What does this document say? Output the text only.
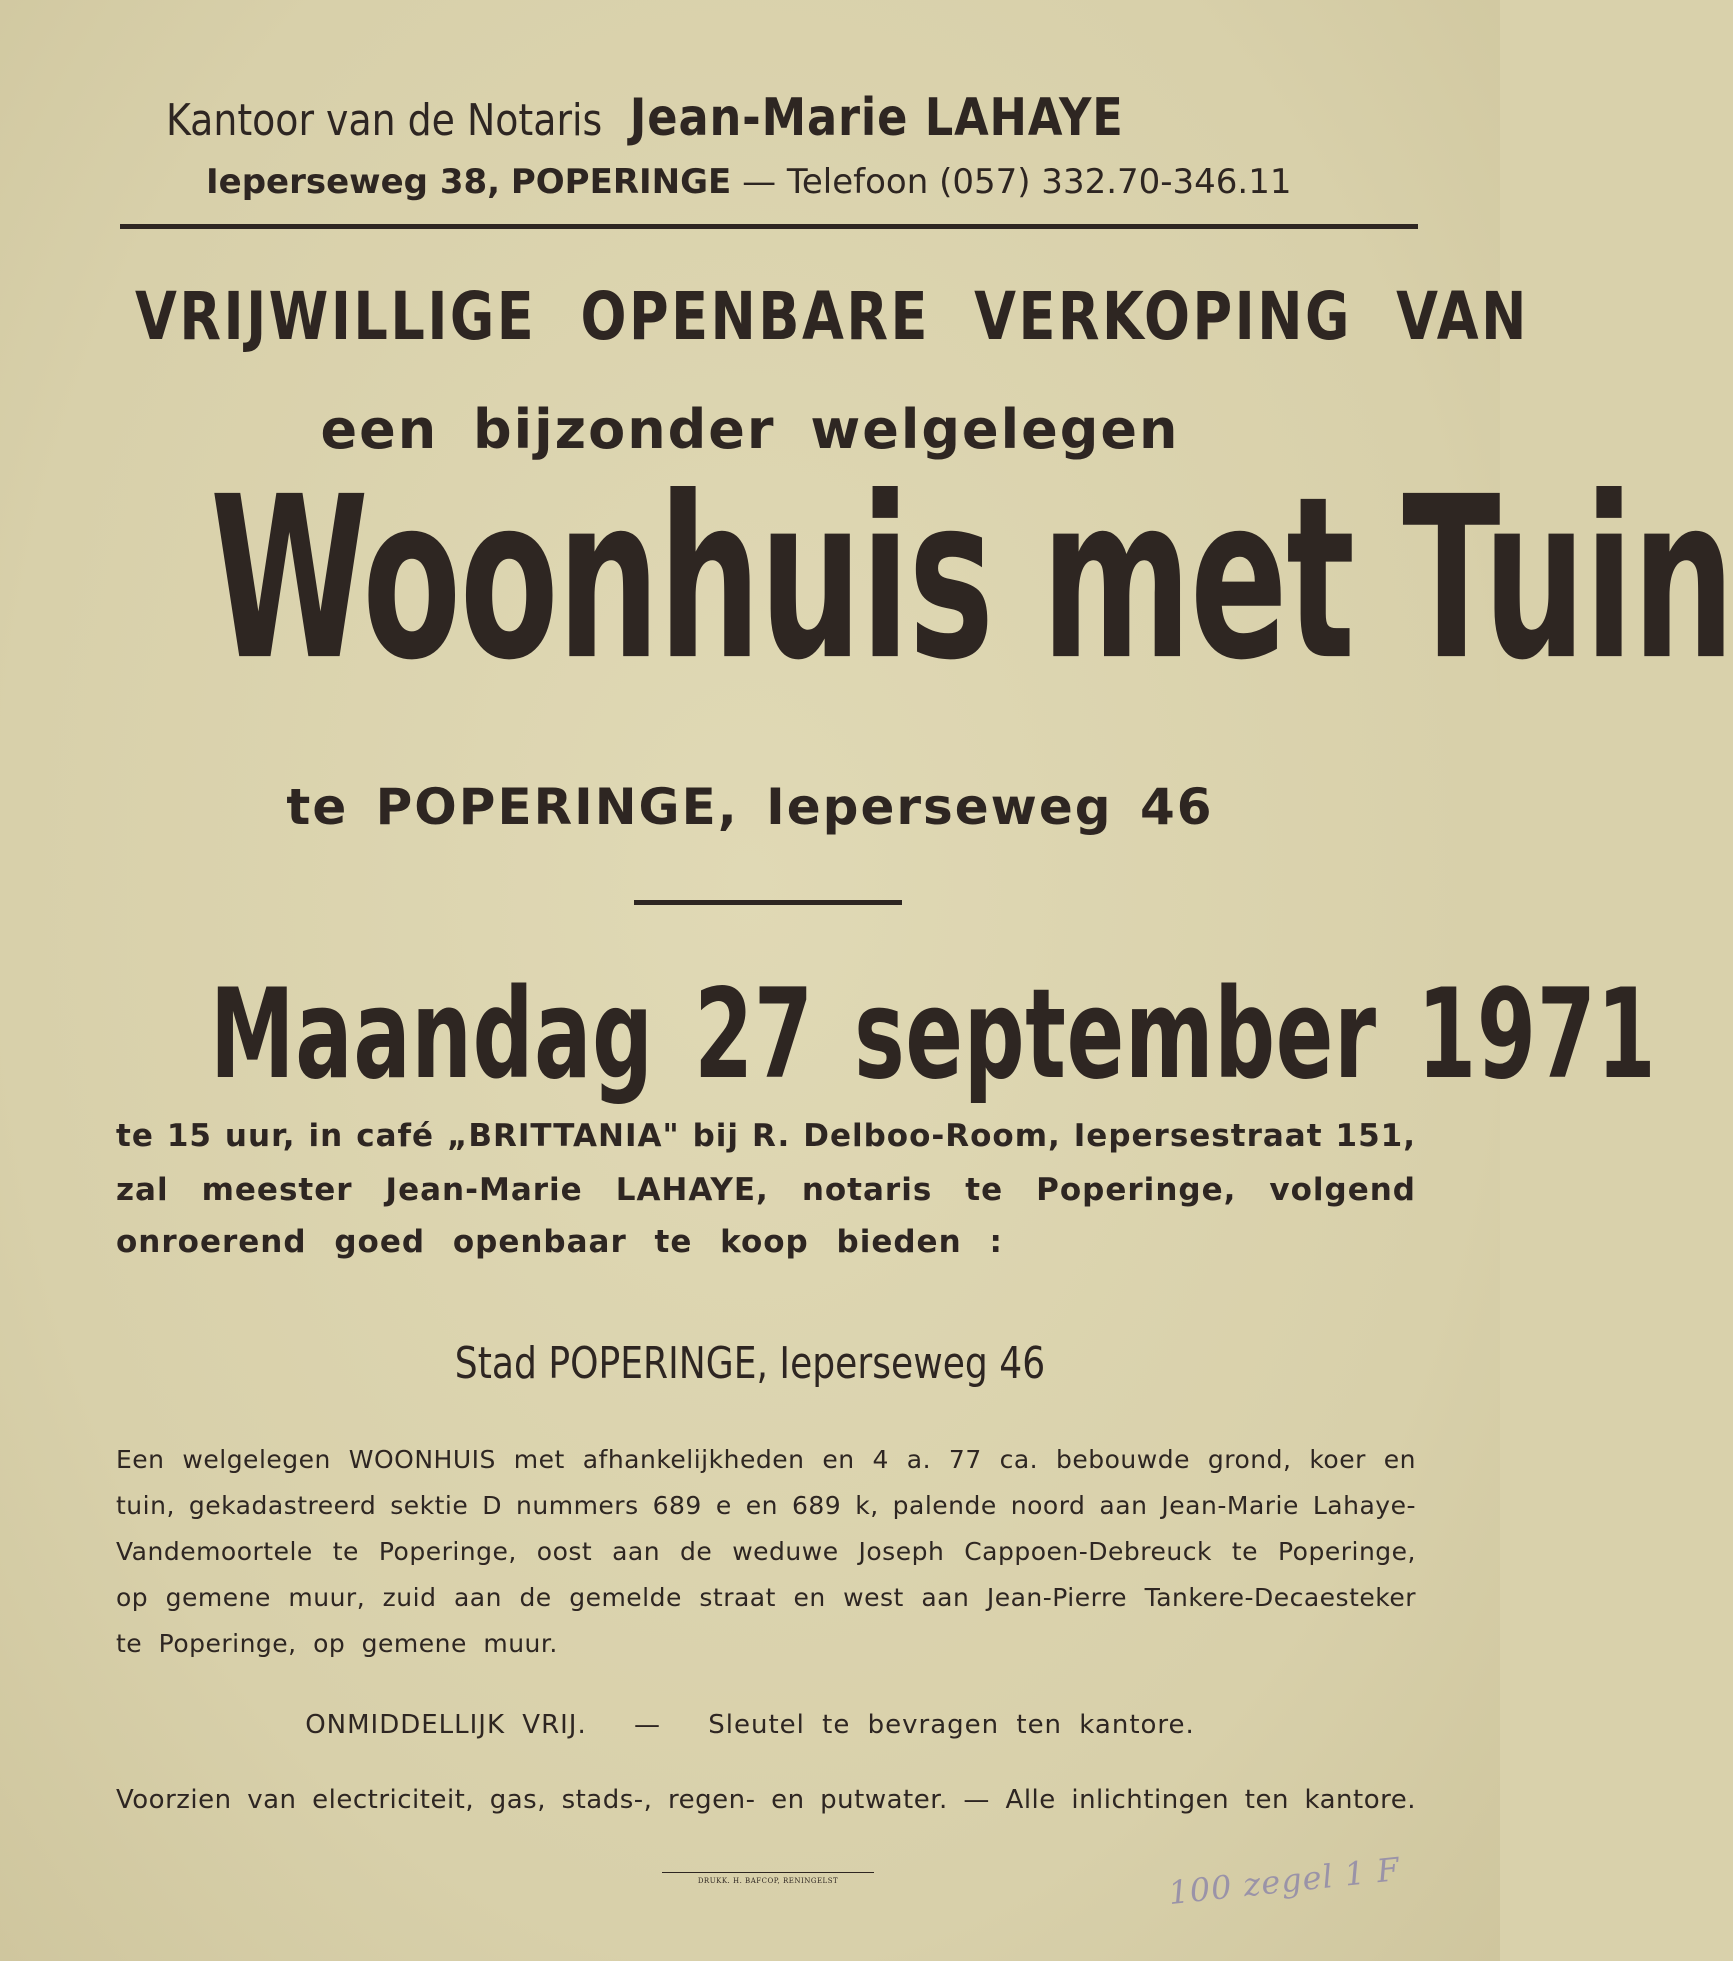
Kantoor van de Notaris Jean-Marie LAHAYE
Ieperseweg 38, POPERINGE — Telefoon (057) 332.70-346.11
VRIJWILLIGE OPENBARE VERKOPING VAN
een bijzonder welgelegen
Woonhuis met Tuin
te POPERINGE, Ieperseweg 46
Maandag 27 september 1971
te 15 uur, in café „BRITTANIA" bij R. Delboo-Room, Iepersestraat 151,
zal meester Jean-Marie LAHAYE, notaris te Poperinge, volgend
onroerend goed openbaar te koop bieden :
Stad POPERINGE, Ieperseweg 46
Een welgelegen WOONHUIS met afhankelijkheden en 4 a. 77 ca. bebouwde grond, koer en
tuin, gekadastreerd sektie D nummers 689 e en 689 k, palende noord aan Jean-Marie Lahaye-
Vandemoortele te Poperinge, oost aan de weduwe Joseph Cappoen-Debreuck te Poperinge,
op gemene muur, zuid aan de gemelde straat en west aan Jean-Pierre Tankere-Decaesteker
te Poperinge, op gemene muur.
ONMIDDELLIJK VRIJ. — Sleutel te bevragen ten kantore.
Voorzien van electriciteit, gas, stads-, regen- en putwater. — Alle inlichtingen ten kantore.
DRUKK. H. BAFCOP, RENINGELST	100 zegel 1 F
